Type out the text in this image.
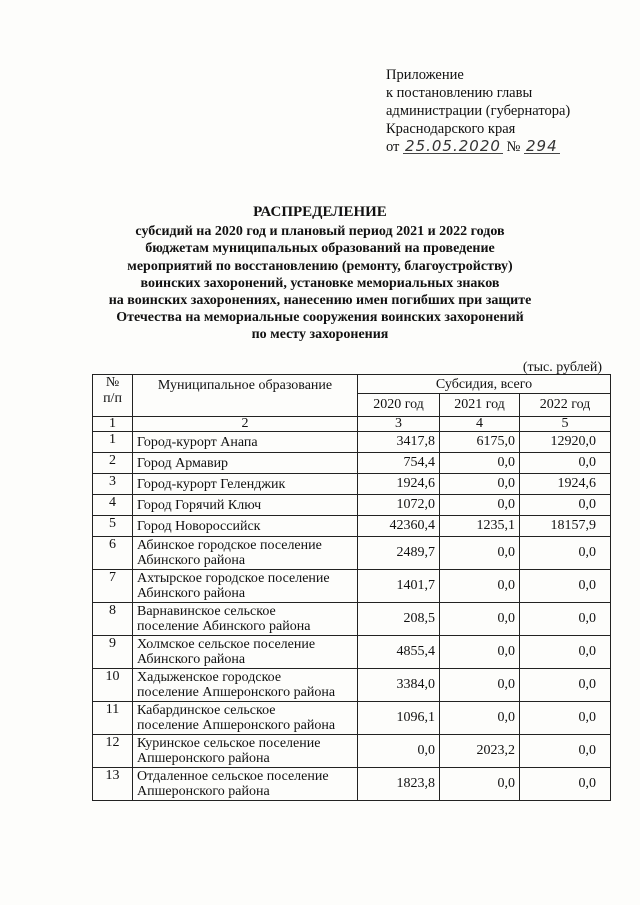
Приложение
к постановлению главы
администрации (губернатора)
Краснодарского края
от 25.05.2020 № 294
РАСПРЕДЕЛЕНИЕ
субсидий на 2020 год и плановый период 2021 и 2022 годов
бюджетам муниципальных образований на проведение
мероприятий по восстановлению (ремонту, благоустройству)
воинских захоронений, установке мемориальных знаков
на воинских захоронениях, нанесению имен погибших при защите
Отечества на мемориальные сооружения воинских захоронений
по месту захоронения
(тыс. рублей)
№
п/п	Муниципальное образование	Субсидия, всего		
		2020 год	2021 год	2022 год
1	2	3	4	5
1	Город-курорт Анапа	3417,8	6175,0	12920,0
2	Город Армавир	754,4	0,0	0,0
3	Город-курорт Геленджик	1924,6	0,0	1924,6
4	Город Горячий Ключ	1072,0	0,0	0,0
5	Город Новороссийск	42360,4	1235,1	18157,9
6	Абинское городское поселение
Абинского района	2489,7	0,0	0,0
7	Ахтырское городское поселение
Абинского района	1401,7	0,0	0,0
8	Варнавинское сельское
поселение Абинского района	208,5	0,0	0,0
9	Холмское сельское поселение
Абинского района	4855,4	0,0	0,0
10	Хадыженское городское
поселение Апшеронского района	3384,0	0,0	0,0
11	Кабардинское сельское
поселение Апшеронского района	1096,1	0,0	0,0
12	Куринское сельское поселение
Апшеронского района	0,0	2023,2	0,0
13	Отдаленное сельское поселение
Апшеронского района	1823,8	0,0	0,0
